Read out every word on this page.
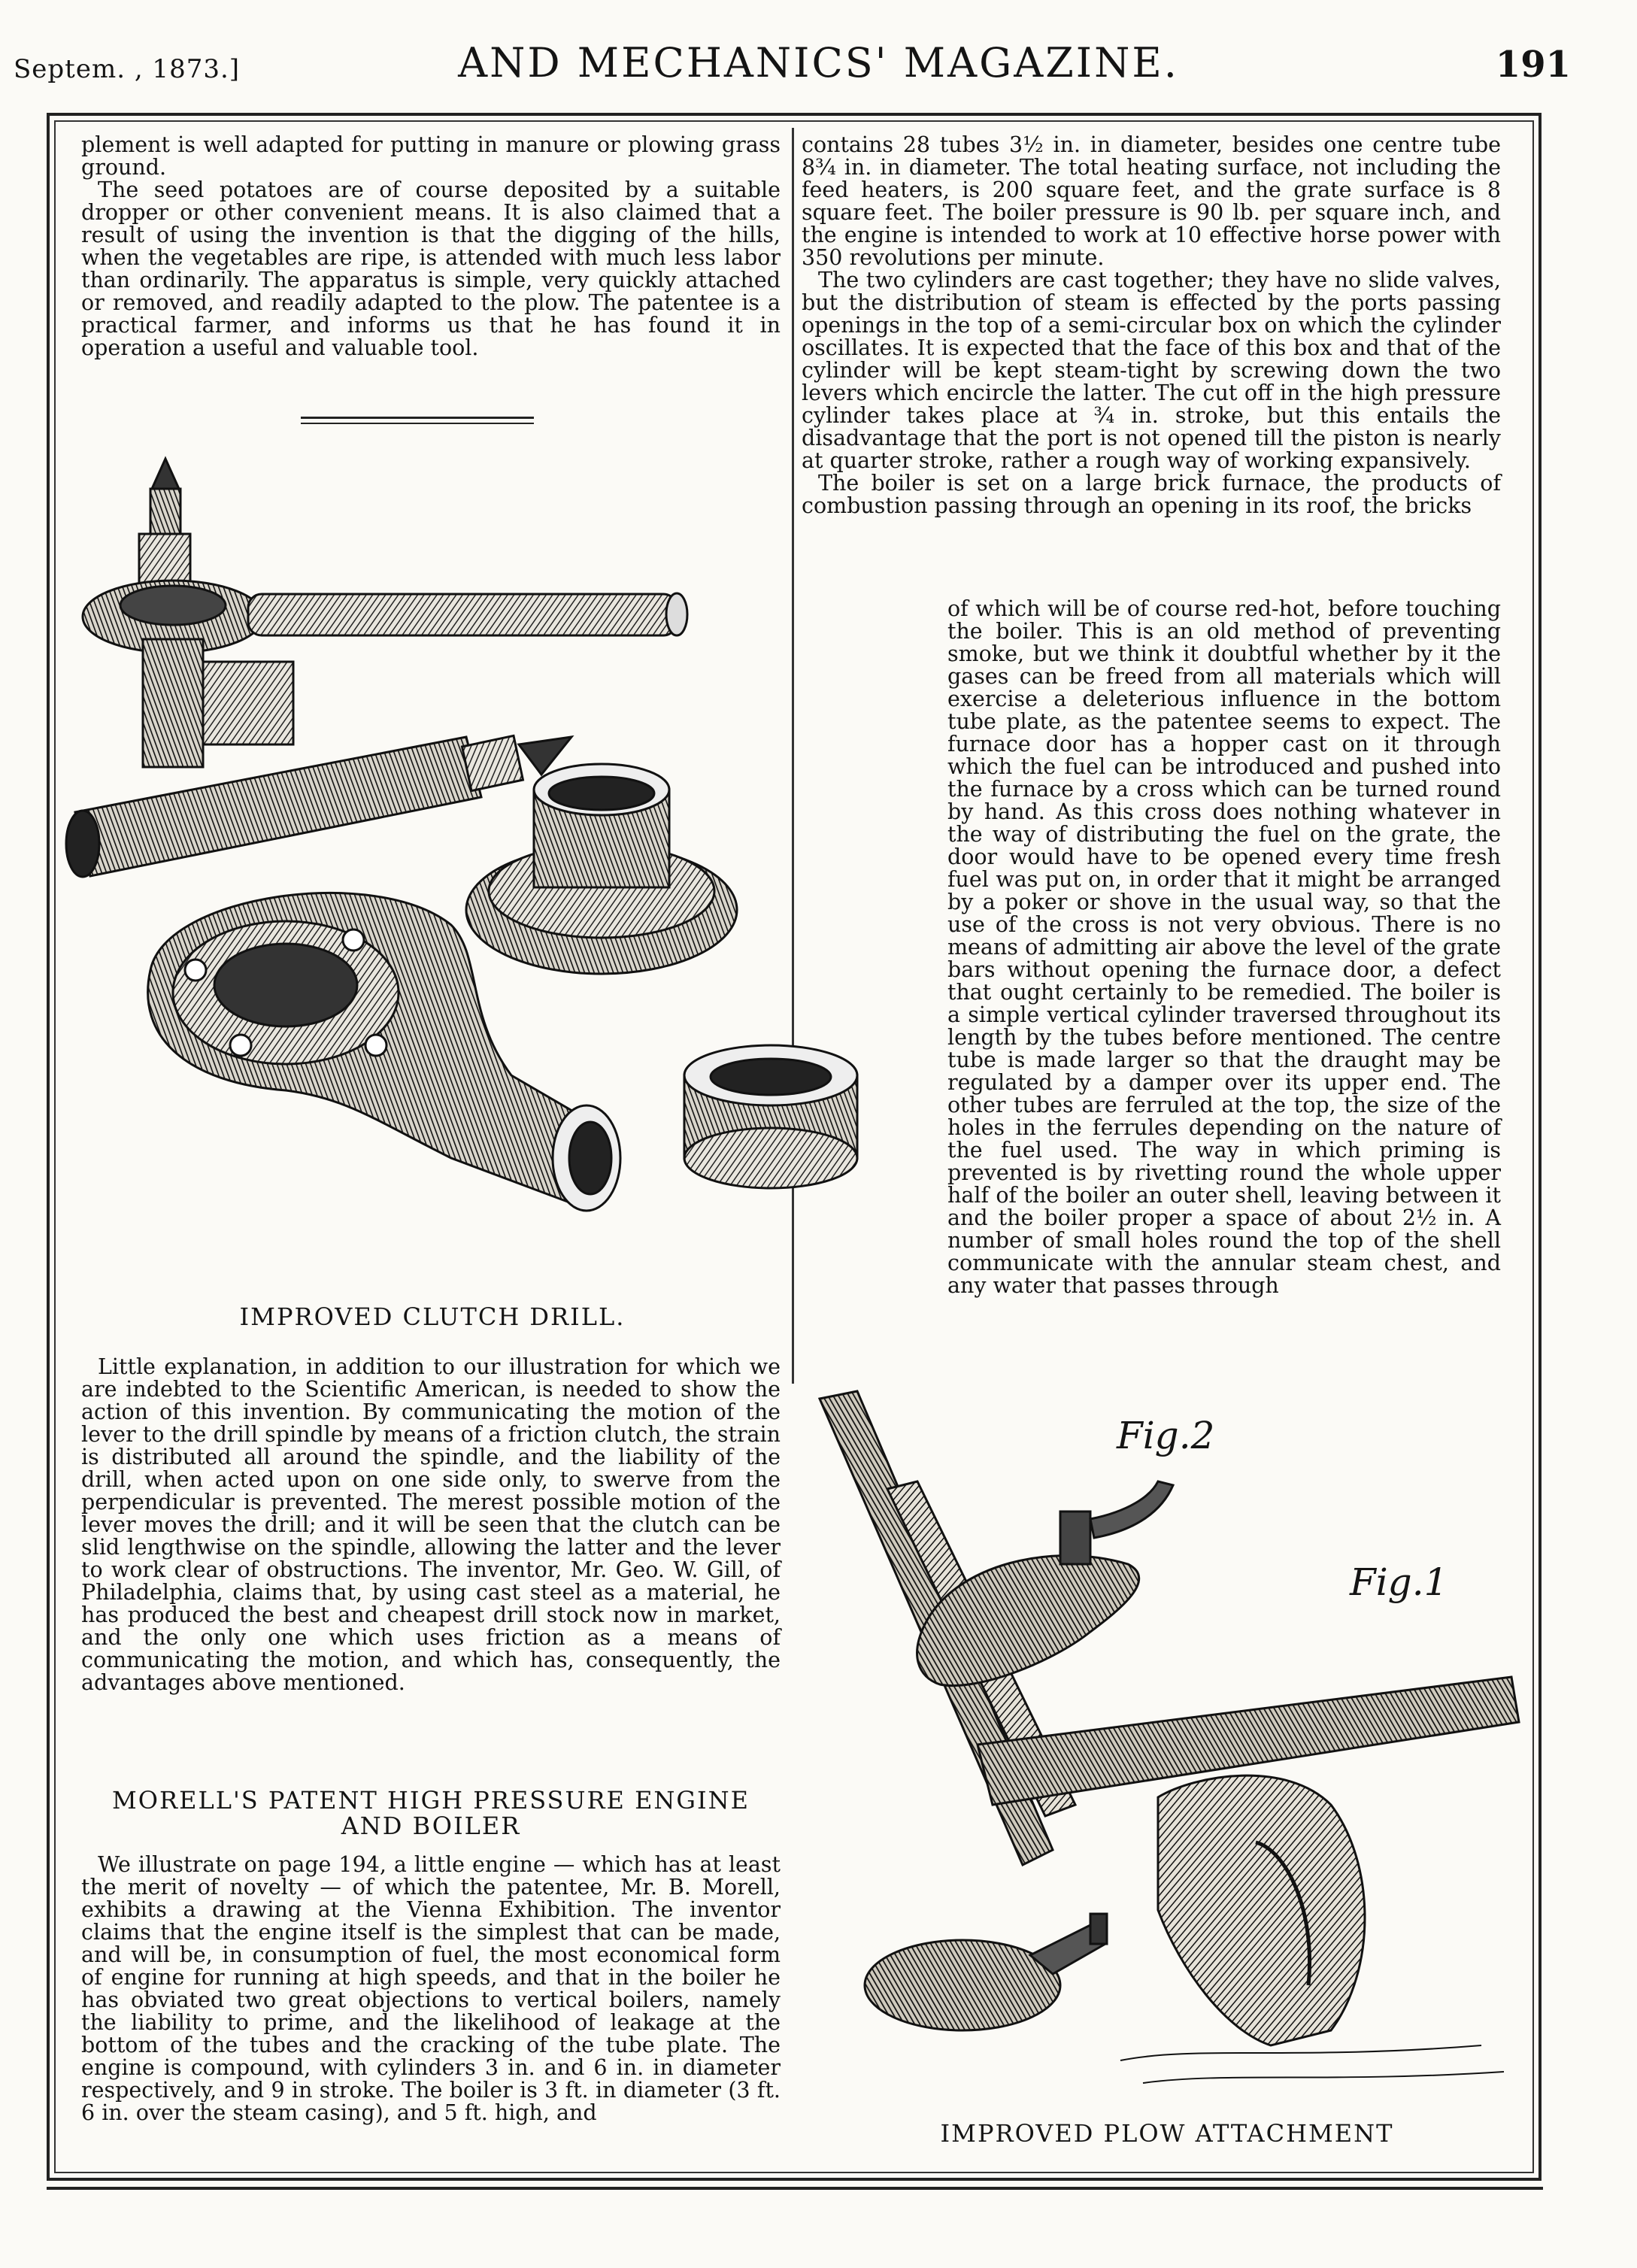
Septem. , 1873.]	AND MECHANICS' MAGAZINE.	191

plement is well adapted for putting in manure or plowing grass ground.

The seed potatoes are of course deposited by a suitable dropper or other convenient means. It is also claimed that a result of using the invention is that the digging of the hills, when the vegetables are ripe, is attended with much less labor than ordinarily. The apparatus is simple, very quickly attached or removed, and readily adapted to the plow. The patentee is a practical farmer, and informs us that he has found it in operation a useful and valuable tool.

IMPROVED CLUTCH DRILL.

Little explanation, in addition to our illustration for which we are indebted to the Scientific American, is needed to show the action of this invention. By communicating the motion of the lever to the drill spindle by means of a friction clutch, the strain is distributed all around the spindle, and the liability of the drill, when acted upon on one side only, to swerve from the perpendicular is prevented. The merest possible motion of the lever moves the drill; and it will be seen that the clutch can be slid lengthwise on the spindle, allowing the latter and the lever to work clear of obstructions. The inventor, Mr. Geo. W. Gill, of Philadelphia, claims that, by using cast steel as a material, he has produced the best and cheapest drill stock now in market, and the only one which uses friction as a means of communicating the motion, and which has, consequently, the advantages above mentioned.

MORELL'S PATENT HIGH PRESSURE ENGINE AND BOILER

We illustrate on page 194, a little engine — which has at least the merit of novelty — of which the patentee, Mr. B. Morell, exhibits a drawing at the Vienna Exhibition. The inventor claims that the engine itself is the simplest that can be made, and will be, in consumption of fuel, the most economical form of engine for running at high speeds, and that in the boiler he has obviated two great objections to vertical boilers, namely the liability to prime, and the likelihood of leakage at the bottom of the tubes and the cracking of the tube plate. The engine is compound, with cylinders 3 in. and 6 in. in diameter respectively, and 9 in stroke. The boiler is 3 ft. in diameter (3 ft. 6 in. over the steam casing), and 5 ft. high, and

contains 28 tubes 3½ in. in diameter, besides one centre tube 8¾ in. in diameter. The total heating surface, not including the feed heaters, is 200 square feet, and the grate surface is 8 square feet. The boiler pressure is 90 lb. per square inch, and the engine is intended to work at 10 effective horse power with 350 revolutions per minute.

The two cylinders are cast together; they have no slide valves, but the distribution of steam is effected by the ports passing openings in the top of a semi-circular box on which the cylinder oscillates. It is expected that the face of this box and that of the cylinder will be kept steam-tight by screwing down the two levers which encircle the latter. The cut off in the high pressure cylinder takes place at ¾ in. stroke, but this entails the disadvantage that the port is not opened till the piston is nearly at quarter stroke, rather a rough way of working expansively.

The boiler is set on a large brick furnace, the products of combustion passing through an opening in its roof, the bricks

of which will be of course red-hot, before touching the boiler. This is an old method of preventing smoke, but we think it doubtful whether by it the gases can be freed from all materials which will exercise a deleterious influence in the bottom tube plate, as the patentee seems to expect. The furnace door has a hopper cast on it through which the fuel can be introduced and pushed into the furnace by a cross which can be turned round by hand. As this cross does nothing whatever in the way of distributing the fuel on the grate, the door would have to be opened every time fresh fuel was put on, in order that it might be arranged by a poker or shove in the usual way, so that the use of the cross is not very obvious. There is no means of admitting air above the level of the grate bars without opening the furnace door, a defect that ought certainly to be remedied. The boiler is a simple vertical cylinder traversed throughout its length by the tubes before mentioned. The centre tube is made larger so that the draught may be regulated by a damper over its upper end. The other tubes are ferruled at the top, the size of the holes in the ferrules depending on the nature of the fuel used. The way in which priming is prevented is by rivetting round the whole upper half of the boiler an outer shell, leaving between it and the boiler proper a space of about 2½ in. A number of small holes round the top of the shell communicate with the annular steam chest, and any water that passes through

Fig.2
Fig.1
IMPROVED PLOW ATTACHMENT
